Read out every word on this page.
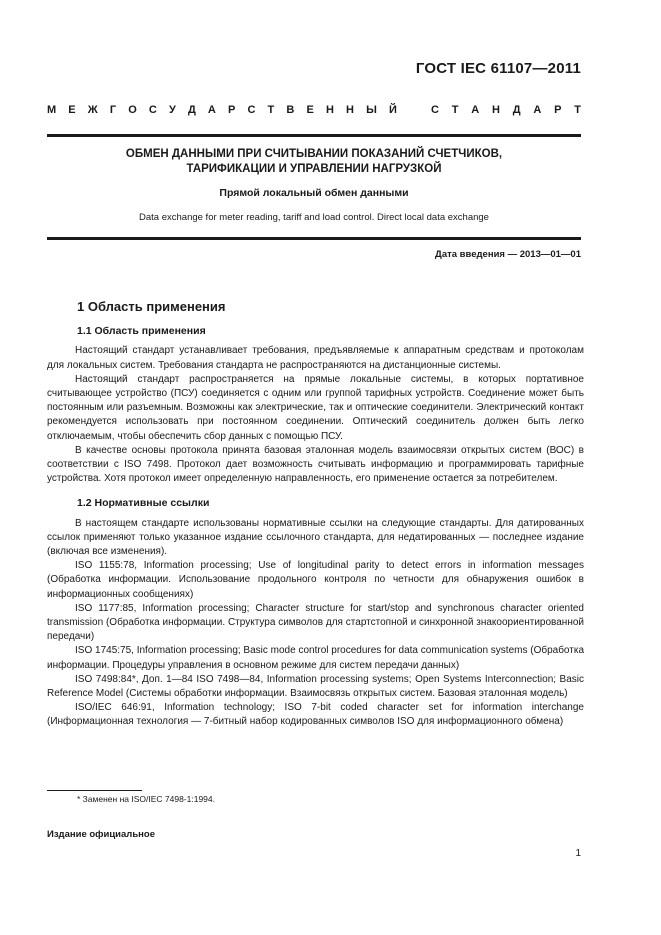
ГОСТ IEC 61107—2011
М Е Ж Г О С У Д А Р С Т В Е Н Н Ы Й	С Т А Н Д А Р Т
ОБМЕН ДАННЫМИ ПРИ СЧИТЫВАНИИ ПОКАЗАНИЙ СЧЕТЧИКОВ,
ТАРИФИКАЦИИ И УПРАВЛЕНИИ НАГРУЗКОЙ
Прямой локальный обмен данными
Data exchange for meter reading, tariff and load control. Direct local data exchange
Дата введения — 2013—01—01
1 Область применения
1.1 Область применения

Настоящий стандарт устанавливает требования, предъявляемые к аппаратным средствам и протоколам для локальных систем. Требования стандарта не распространяются на дистанционные системы.

Настоящий стандарт распространяется на прямые локальные системы, в которых портативное считывающее устройство (ПСУ) соединяется с одним или группой тарифных устройств. Соединение может быть постоянным или разъемным. Возможны как электрические, так и оптические соединители. Электрический контакт рекомендуется использовать при постоянном соединении. Оптический соединитель должен быть легко отключаемым, чтобы обеспечить сбор данных с помощью ПСУ.

В качестве основы протокола принята базовая эталонная модель взаимосвязи открытых систем (ВОС) в соответствии с ISO 7498. Протокол дает возможность считывать информацию и программировать тарифные устройства. Хотя протокол имеет определенную направленность, его применение остается за потребителем.

1.2 Нормативные ссылки

В настоящем стандарте использованы нормативные ссылки на следующие стандарты. Для датированных ссылок применяют только указанное издание ссылочного стандарта, для недатированных — последнее издание (включая все изменения).

ISO 1155:78, Information processing; Use of longitudinal parity to detect errors in information messages (Обработка информации. Использование продольного контроля по четности для обнаружения ошибок в информационных сообщениях)

ISO 1177:85, Information processing; Character structure for start/stop and synchronous character oriented transmission (Обработка информации. Структура символов для стартстопной и синхронной знакоориентированной передачи)

ISO 1745:75, Information processing; Basic mode control procedures for data communication systems (Обработка информации. Процедуры управления в основном режиме для систем передачи данных)

ISO 7498:84*, Доп. 1—84 ISO 7498—84, Information processing systems; Open Systems Interconnection; Basic Reference Model (Системы обработки информации. Взаимосвязь открытых систем. Базовая эталонная модель)

ISO/IEC 646:91, Information technology; ISO 7-bit coded character set for information interchange (Информационная технология — 7-битный набор кодированных символов ISO для информационного обмена)

* Заменен на ISO/IEC 7498-1:1994.
Издание официальное
1
